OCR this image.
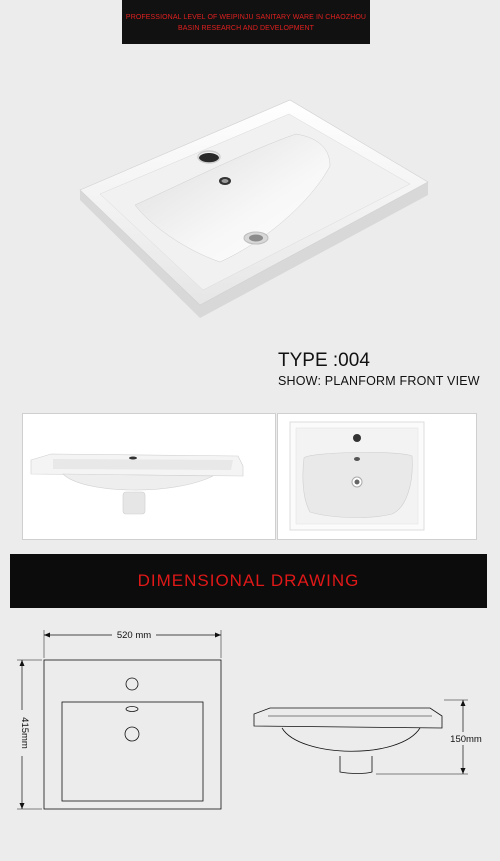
PROFESSIONAL LEVEL OF WEIPINJU SANITARY WARE IN CHAOZHOU
BASIN RESEARCH AND DEVELOPMENT
TYPE :004
SHOW: PLANFORM FRONT VIEW
DIMENSIONAL DRAWING
520 mm
415mm	150mm
